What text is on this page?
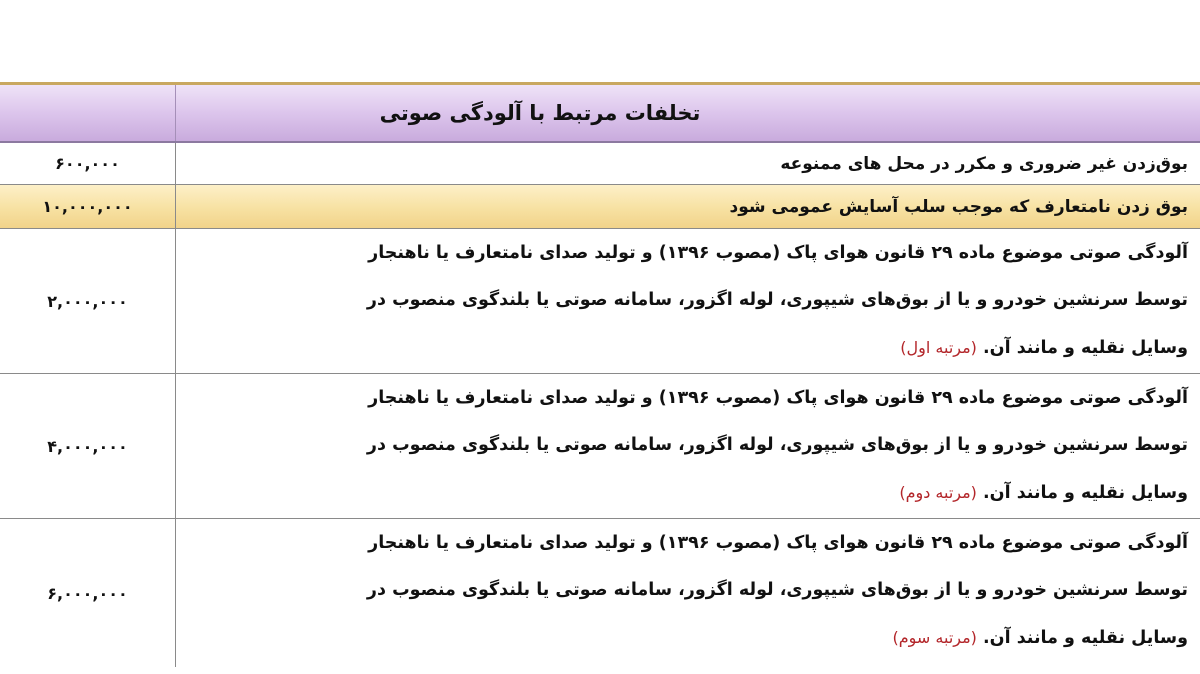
تخلفات مرتبط با آلودگی صوتی
۶۰۰,۰۰۰	بوق‌زدن غیر ضروری و مکرر در محل های ممنوعه
۱۰,۰۰۰,۰۰۰	بوق زدن نامتعارف که موجب سلب آسایش عمومی شود
۲,۰۰۰,۰۰۰
آلودگی صوتی موضوع ماده ۲۹ قانون هوای پاک (مصوب ۱۳۹۶) و تولید صدای نامتعارف یا ناهنجار
توسط سرنشین خودرو و یا از بوق‌های شیپوری، لوله اگزور، سامانه صوتی یا بلندگوی منصوب در
وسایل نقلیه و مانند آن. (مرتبه اول)
۴,۰۰۰,۰۰۰
آلودگی صوتی موضوع ماده ۲۹ قانون هوای پاک (مصوب ۱۳۹۶) و تولید صدای نامتعارف یا ناهنجار
توسط سرنشین خودرو و یا از بوق‌های شیپوری، لوله اگزور، سامانه صوتی یا بلندگوی منصوب در
وسایل نقلیه و مانند آن. (مرتبه دوم)
۶,۰۰۰,۰۰۰
آلودگی صوتی موضوع ماده ۲۹ قانون هوای پاک (مصوب ۱۳۹۶) و تولید صدای نامتعارف یا ناهنجار
توسط سرنشین خودرو و یا از بوق‌های شیپوری، لوله اگزور، سامانه صوتی یا بلندگوی منصوب در
وسایل نقلیه و مانند آن. (مرتبه سوم)
